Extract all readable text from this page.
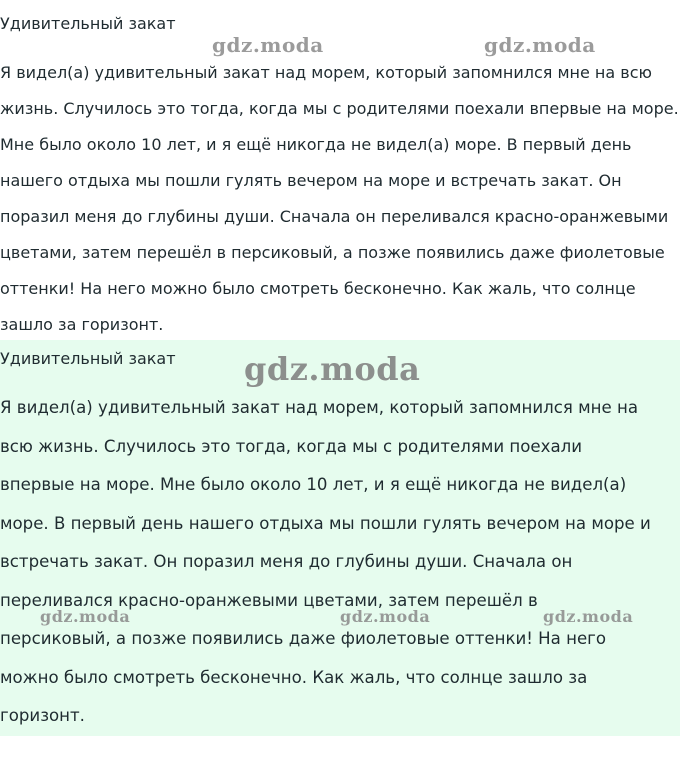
Удивительный закат

Я видел(а) удивительный закат над морем, который запомнился мне на всю
жизнь. Случилось это тогда, когда мы с родителями поехали впервые на море.
Мне было около 10 лет, и я ещё никогда не видел(а) море. В первый день
нашего отдыха мы пошли гулять вечером на море и встречать закат. Он
поразил меня до глубины души. Сначала он переливался красно-оранжевыми
цветами, затем перешёл в персиковый, а позже появились даже фиолетовые
оттенки! На него можно было смотреть бесконечно. Как жаль, что солнце
зашло за горизонт.

gdz.moda	gdz.moda
Удивительный закат

Я видел(а) удивительный закат над морем, который запомнился мне на
всю жизнь. Случилось это тогда, когда мы с родителями поехали
впервые на море. Мне было около 10 лет, и я ещё никогда не видел(а)
море. В первый день нашего отдыха мы пошли гулять вечером на море и
встречать закат. Он поразил меня до глубины души. Сначала он
переливался красно-оранжевыми цветами, затем перешёл в
персиковый, а позже появились даже фиолетовые оттенки! На него
можно было смотреть бесконечно. Как жаль, что солнце зашло за
горизонт.

gdz.moda
gdz.moda	gdz.moda	gdz.moda
